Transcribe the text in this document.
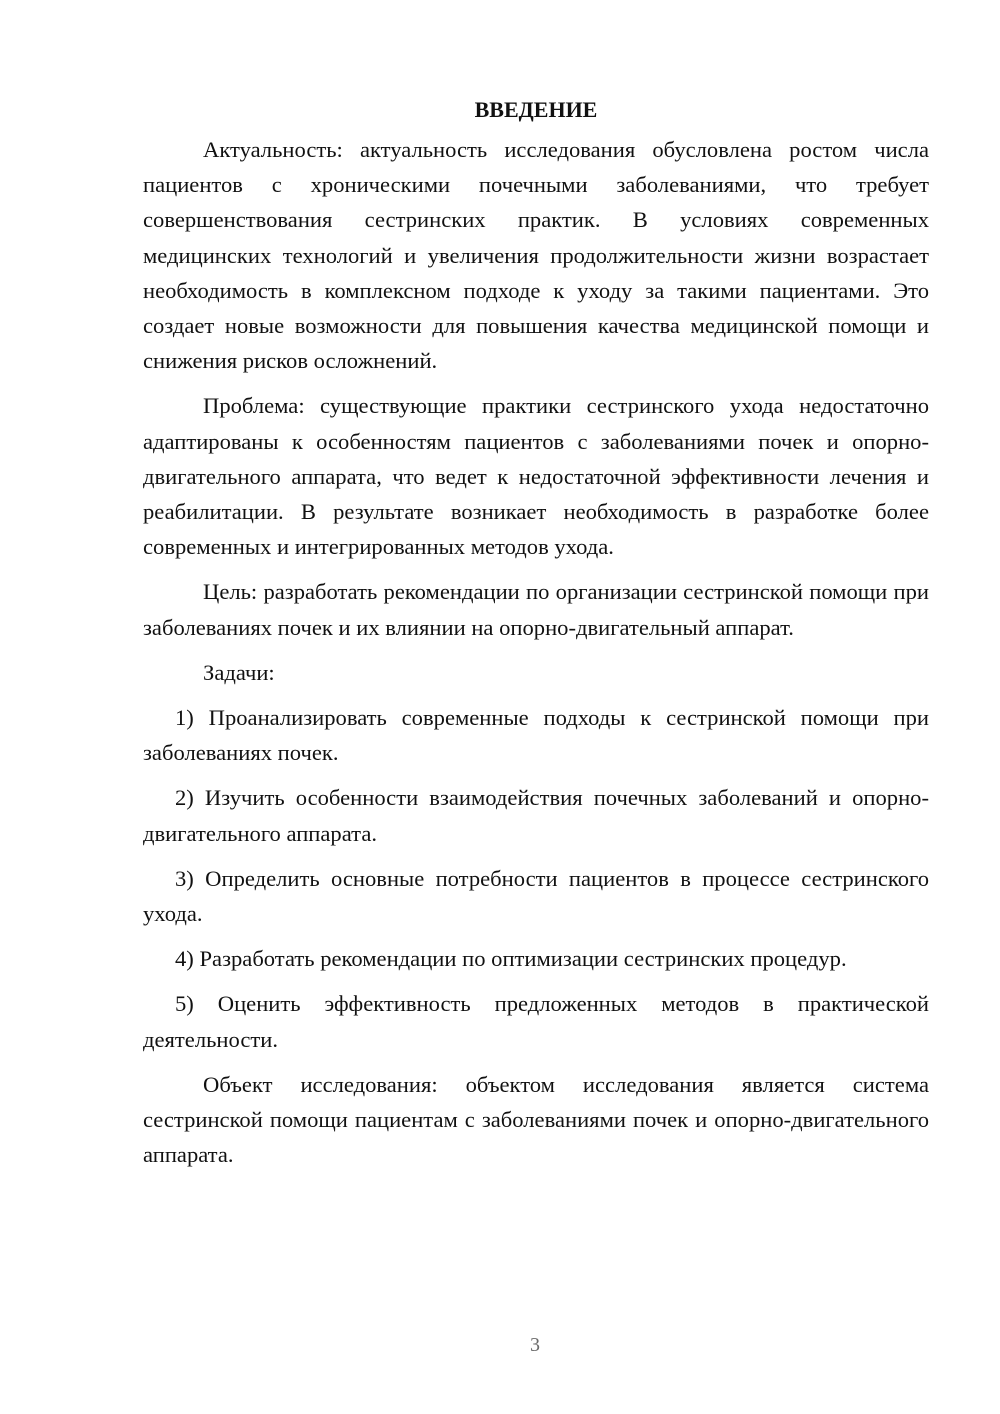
ВВЕДЕНИЕ

Актуальность: актуальность исследования обусловлена ростом числа пациентов с хроническими почечными заболеваниями, что требует совершенствования сестринских практик. В условиях современных медицинских технологий и увеличения продолжительности жизни возрастает необходимость в комплексном подходе к уходу за такими пациентами. Это создает новые возможности для повышения качества медицинской помощи и снижения рисков осложнений.

Проблема: существующие практики сестринского ухода недостаточно адаптированы к особенностям пациентов с заболеваниями почек и опорно-двигательного аппарата, что ведет к недостаточной эффективности лечения и реабилитации. В результате возникает необходимость в разработке более современных и интегрированных методов ухода.

Цель: разработать рекомендации по организации сестринской помощи при заболеваниях почек и их влиянии на опорно-двигательный аппарат.

Задачи:

1) Проанализировать современные подходы к сестринской помощи при заболеваниях почек.

2) Изучить особенности взаимодействия почечных заболеваний и опорно-двигательного аппарата.

3) Определить основные потребности пациентов в процессе сестринского ухода.

4) Разработать рекомендации по оптимизации сестринских процедур.

5) Оценить эффективность предложенных методов в практической деятельности.

Объект исследования: объектом исследования является система сестринской помощи пациентам с заболеваниями почек и опорно-двигательного аппарата.

3
